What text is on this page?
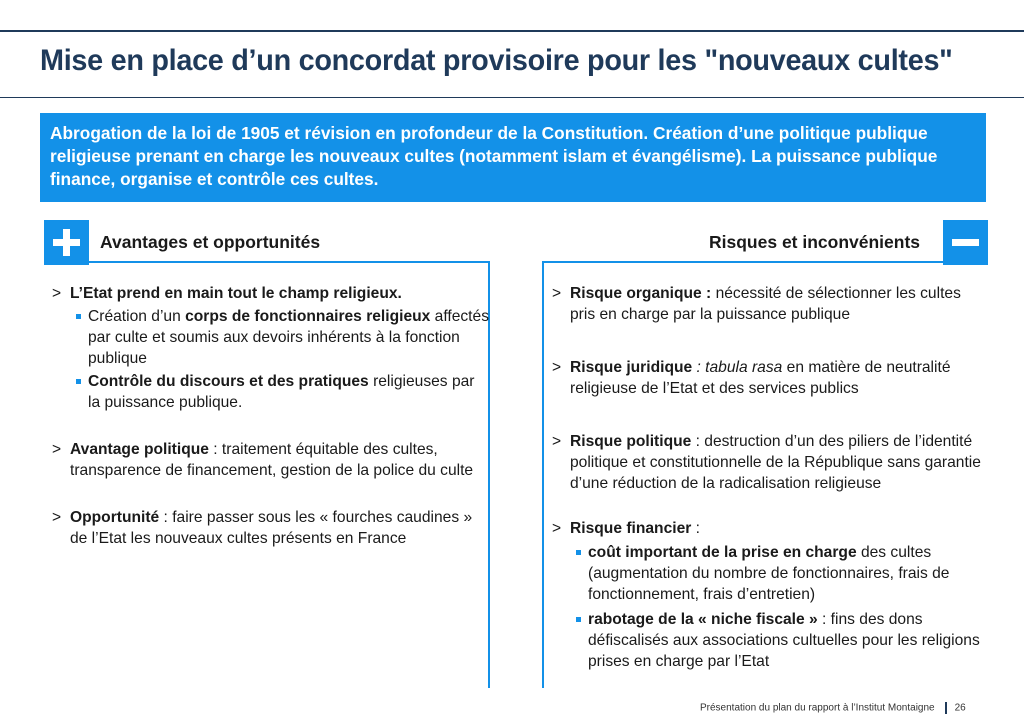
Mise en place d’un concordat provisoire pour les "nouveaux cultes"
Abrogation de la loi de 1905 et révision en profondeur de la Constitution. Création d’une politique publique religieuse prenant en charge les nouveaux cultes (notamment islam et évangélisme). La puissance publique finance, organise et contrôle ces cultes.
Avantages et opportunités	Risques et inconvénients
> L’Etat prend en main tout le champ religieux.
Création d’un corps de fonctionnaires religieux affectés par culte et soumis aux devoirs inhérents à la fonction publique
Contrôle du discours et des pratiques religieuses par la puissance publique.
> Avantage politique : traitement équitable des cultes, transparence de financement, gestion de la police du culte
> Opportunité : faire passer sous les « fourches caudines » de l’Etat les nouveaux cultes présents en France
> Risque organique : nécessité de sélectionner les cultes pris en charge par la puissance publique
> Risque juridique : tabula rasa en matière de neutralité religieuse de l’Etat et des services publics
> Risque politique : destruction d’un des piliers de l’identité politique et constitutionnelle de la République sans garantie d’une réduction de la radicalisation religieuse
> Risque financier :
coût important de la prise en charge des cultes (augmentation du nombre de fonctionnaires, frais de fonctionnement, frais d’entretien)
rabotage de la « niche fiscale » : fins des dons défiscalisés aux associations cultuelles pour les religions prises en charge par l’Etat
Présentation du plan du rapport à l’Institut Montaigne 26
